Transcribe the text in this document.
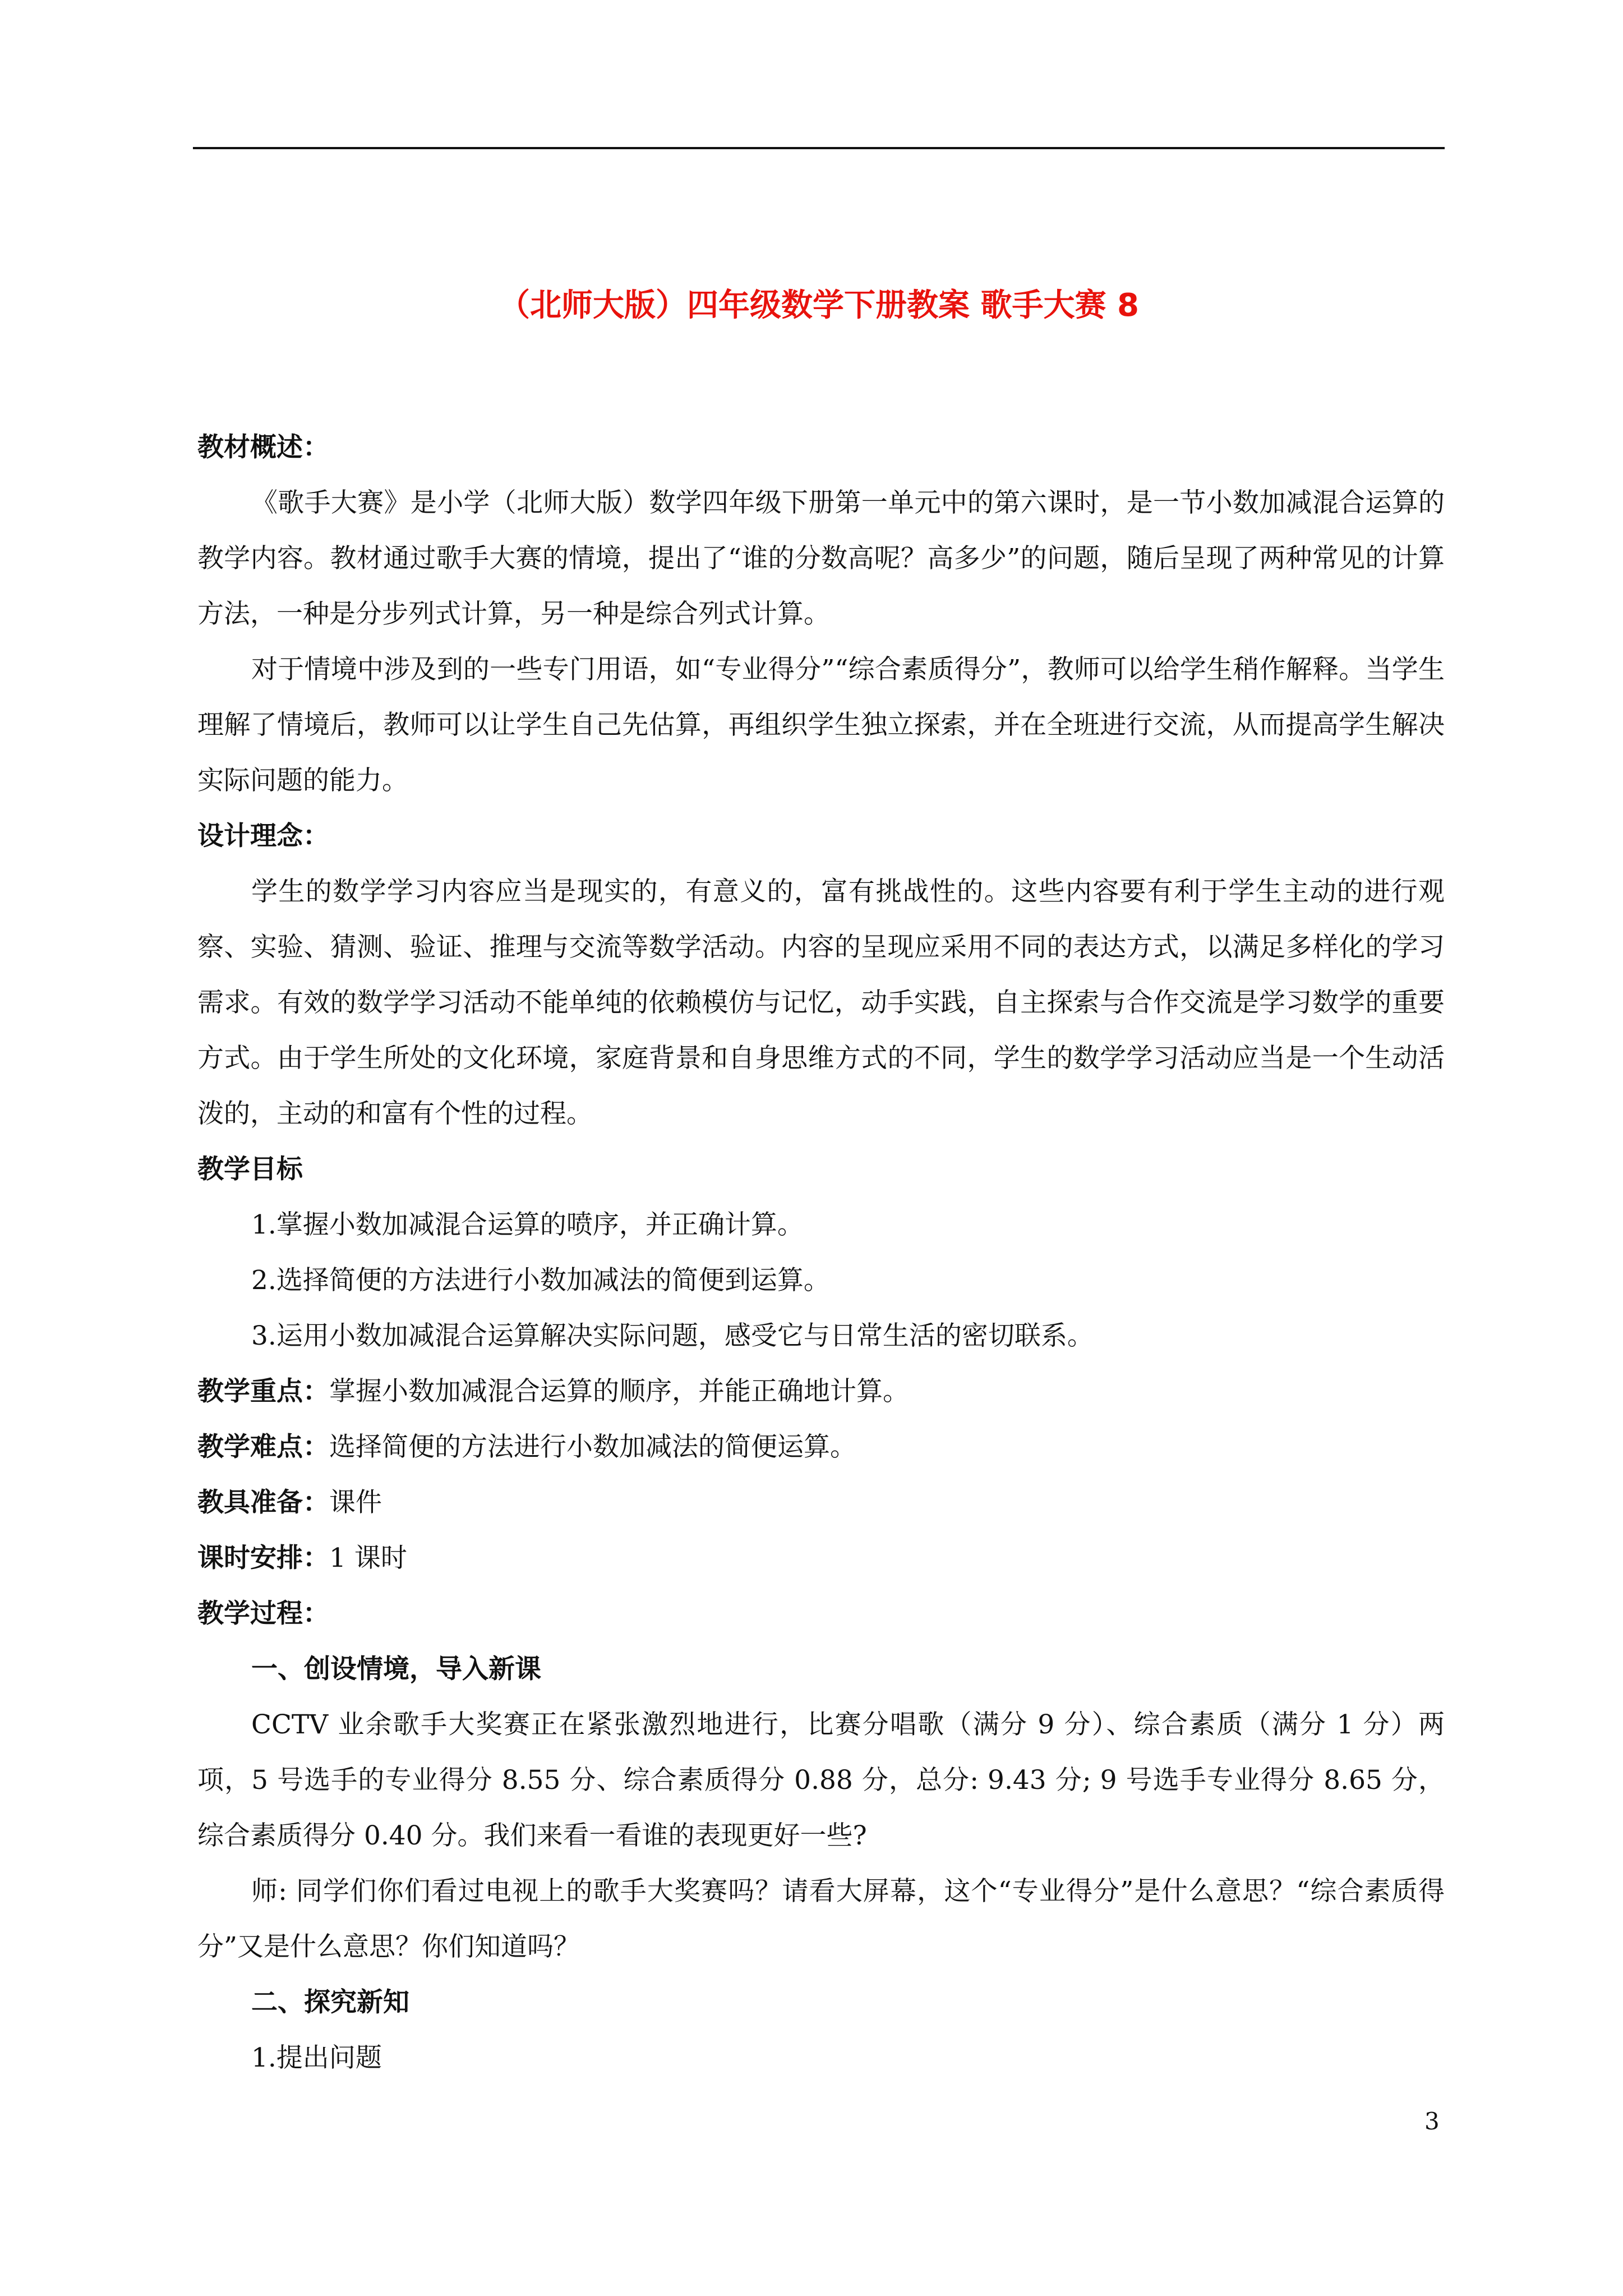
（北师大版）四年级数学下册教案 歌手大赛 8

教材概述：

《歌手大赛》是小学（北师大版）数学四年级下册第一单元中的第六课时，是一节小数加减混合运算的教学内容。教材通过歌手大赛的情境，提出了“谁的分数高呢？高多少”的问题，随后呈现了两种常见的计算方法，一种是分步列式计算，另一种是综合列式计算。

对于情境中涉及到的一些专门用语，如“专业得分”“综合素质得分”，教师可以给学生稍作解释。当学生理解了情境后，教师可以让学生自己先估算，再组织学生独立探索，并在全班进行交流，从而提高学生解决实际问题的能力。

设计理念：

学生的数学学习内容应当是现实的，有意义的，富有挑战性的。这些内容要有利于学生主动的进行观察、实验、猜测、验证、推理与交流等数学活动。内容的呈现应采用不同的表达方式，以满足多样化的学习需求。有效的数学学习活动不能单纯的依赖模仿与记忆，动手实践，自主探索与合作交流是学习数学的重要方式。由于学生所处的文化环境，家庭背景和自身思维方式的不同，学生的数学学习活动应当是一个生动活泼的，主动的和富有个性的过程。

教学目标

1.掌握小数加减混合运算的喷序，并正确计算。

2.选择简便的方法进行小数加减法的简便到运算。

3.运用小数加减混合运算解决实际问题，感受它与日常生活的密切联系。

教学重点：掌握小数加减混合运算的顺序，并能正确地计算。

教学难点：选择简便的方法进行小数加减法的简便运算。

教具准备：课件

课时安排：1 课时

教学过程：

一、创设情境，导入新课

CCTV 业余歌手大奖赛正在紧张激烈地进行，比赛分唱歌（满分 9 分）、综合素质（满分 1 分）两项，5 号选手的专业得分 8.55 分、综合素质得分 0.88 分，总分: 9.43 分; 9 号选手专业得分 8.65 分，综合素质得分 0.40 分。我们来看一看谁的表现更好一些?

师: 同学们你们看过电视上的歌手大奖赛吗？请看大屏幕，这个“专业得分”是什么意思？“综合素质得分”又是什么意思？你们知道吗？

二、探究新知

1.提出问题

3
